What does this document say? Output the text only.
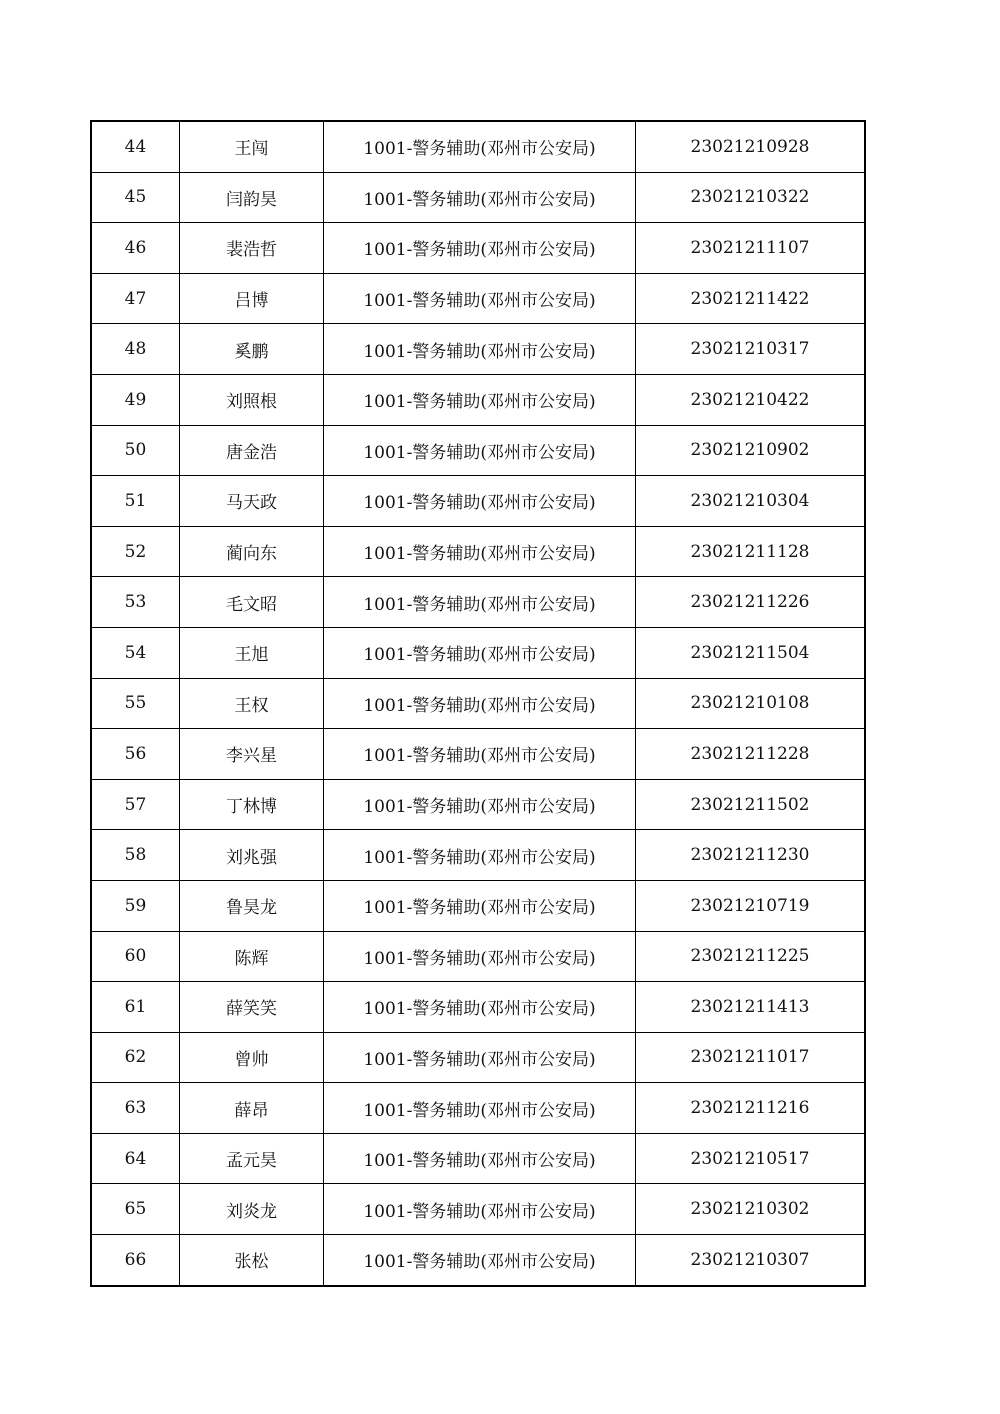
44	王闯	1001-警务辅助(邓州市公安局)	23021210928
45	闫韵昊	1001-警务辅助(邓州市公安局)	23021210322
46	裴浩哲	1001-警务辅助(邓州市公安局)	23021211107
47	吕博	1001-警务辅助(邓州市公安局)	23021211422
48	奚鹏	1001-警务辅助(邓州市公安局)	23021210317
49	刘照根	1001-警务辅助(邓州市公安局)	23021210422
50	唐金浩	1001-警务辅助(邓州市公安局)	23021210902
51	马天政	1001-警务辅助(邓州市公安局)	23021210304
52	蔺向东	1001-警务辅助(邓州市公安局)	23021211128
53	毛文昭	1001-警务辅助(邓州市公安局)	23021211226
54	王旭	1001-警务辅助(邓州市公安局)	23021211504
55	王权	1001-警务辅助(邓州市公安局)	23021210108
56	李兴星	1001-警务辅助(邓州市公安局)	23021211228
57	丁林博	1001-警务辅助(邓州市公安局)	23021211502
58	刘兆强	1001-警务辅助(邓州市公安局)	23021211230
59	鲁昊龙	1001-警务辅助(邓州市公安局)	23021210719
60	陈辉	1001-警务辅助(邓州市公安局)	23021211225
61	薛笑笑	1001-警务辅助(邓州市公安局)	23021211413
62	曾帅	1001-警务辅助(邓州市公安局)	23021211017
63	薛昂	1001-警务辅助(邓州市公安局)	23021211216
64	孟元昊	1001-警务辅助(邓州市公安局)	23021210517
65	刘炎龙	1001-警务辅助(邓州市公安局)	23021210302
66	张松	1001-警务辅助(邓州市公安局)	23021210307
